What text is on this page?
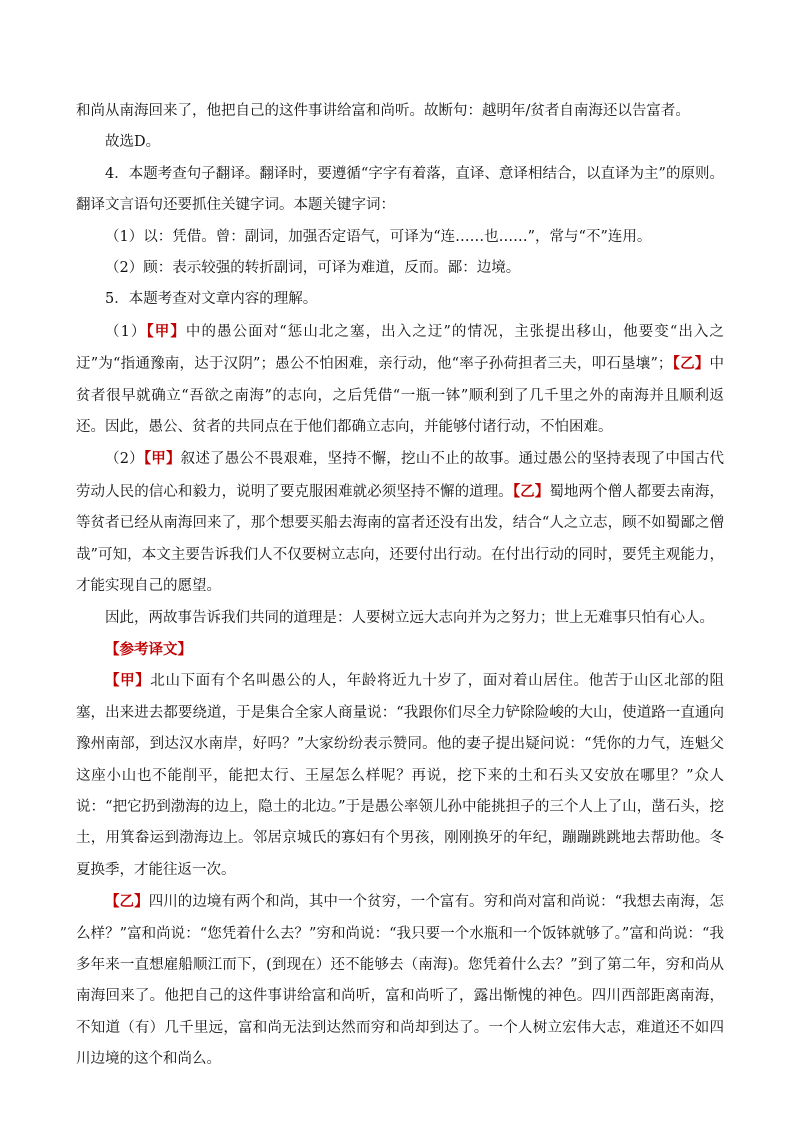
和尚从南海回来了，他把自己的这件事讲给富和尚听。故断句：越明年/贫者自南海还以告富者。

故选D。

4．本题考查句子翻译。翻译时，要遵循“字字有着落，直译、意译相结合，以直译为主”的原则。翻译文言语句还要抓住关键字词。本题关键字词：

（1）以：凭借。曾：副词，加强否定语气，可译为“连……也……”，常与“不”连用。

（2）顾：表示较强的转折副词，可译为难道，反而。鄙：边境。

5．本题考查对文章内容的理解。

（1）【甲】中的愚公面对“惩山北之塞，出入之迂”的情况，主张提出移山，他要变“出入之迂”为“指通豫南，达于汉阴”；愚公不怕困难，亲行动，他“率子孙荷担者三夫，叩石垦壤”；【乙】中贫者很早就确立“吾欲之南海”的志向，之后凭借“一瓶一钵”顺利到了几千里之外的南海并且顺利返还。因此，愚公、贫者的共同点在于他们都确立志向，并能够付诸行动，不怕困难。

（2）【甲】叙述了愚公不畏艰难，坚持不懈，挖山不止的故事。通过愚公的坚持表现了中国古代劳动人民的信心和毅力，说明了要克服困难就必须坚持不懈的道理。【乙】蜀地两个僧人都要去南海，等贫者已经从南海回来了，那个想要买船去海南的富者还没有出发，结合“人之立志，顾不如蜀鄙之僧哉”可知，本文主要告诉我们人不仅要树立志向，还要付出行动。在付出行动的同时，要凭主观能力，才能实现自己的愿望。

因此，两故事告诉我们共同的道理是：人要树立远大志向并为之努力；世上无难事只怕有心人。

【参考译文】

【甲】北山下面有个名叫愚公的人，年龄将近九十岁了，面对着山居住。他苦于山区北部的阻塞，出来进去都要绕道，于是集合全家人商量说：“我跟你们尽全力铲除险峻的大山，使道路一直通向豫州南部，到达汉水南岸，好吗？”大家纷纷表示赞同。他的妻子提出疑问说：“凭你的力气，连魁父这座小山也不能削平，能把太行、王屋怎么样呢？再说，挖下来的土和石头又安放在哪里？”众人说：“把它扔到渤海的边上，隐土的北边。”于是愚公率领儿孙中能挑担子的三个人上了山，凿石头，挖土，用箕畚运到渤海边上。邻居京城氏的寡妇有个男孩，刚刚换牙的年纪，蹦蹦跳跳地去帮助他。冬夏换季，才能往返一次。

【乙】四川的边境有两个和尚，其中一个贫穷，一个富有。穷和尚对富和尚说：“我想去南海，怎么样？”富和尚说：“您凭着什么去？”穷和尚说：“我只要一个水瓶和一个饭钵就够了。”富和尚说：“我多年来一直想雇船顺江而下，(到现在）还不能够去（南海)。您凭着什么去？”到了第二年，穷和尚从南海回来了。他把自己的这件事讲给富和尚听，富和尚听了，露出惭愧的神色。四川西部距离南海，不知道（有）几千里远，富和尚无法到达然而穷和尚却到达了。一个人树立宏伟大志，难道还不如四川边境的这个和尚么。
